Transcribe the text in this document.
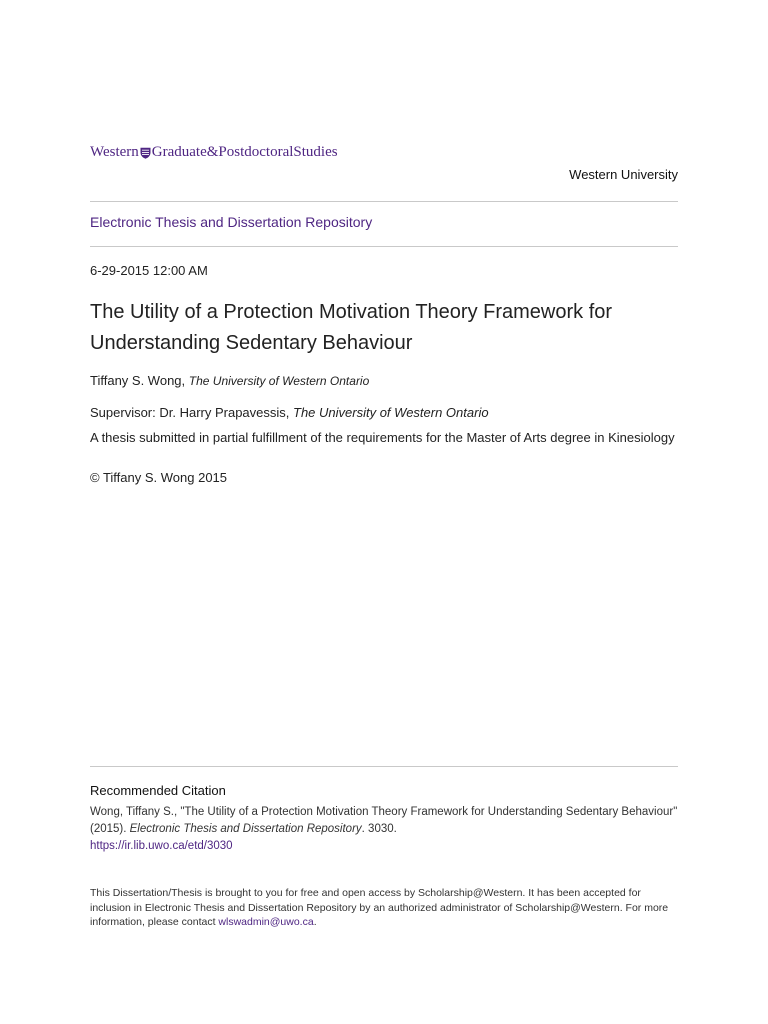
Western Graduate&PostdoctoralStudies
Western University
Electronic Thesis and Dissertation Repository
6-29-2015 12:00 AM
The Utility of a Protection Motivation Theory Framework for Understanding Sedentary Behaviour
Tiffany S. Wong, The University of Western Ontario
Supervisor: Dr. Harry Prapavessis, The University of Western Ontario

A thesis submitted in partial fulfillment of the requirements for the Master of Arts degree in Kinesiology

© Tiffany S. Wong 2015
Recommended Citation

Wong, Tiffany S., "The Utility of a Protection Motivation Theory Framework for Understanding Sedentary Behaviour" (2015). Electronic Thesis and Dissertation Repository. 3030.
https://ir.lib.uwo.ca/etd/3030

This Dissertation/Thesis is brought to you for free and open access by Scholarship@Western. It has been accepted for inclusion in Electronic Thesis and Dissertation Repository by an authorized administrator of Scholarship@Western. For more information, please contact wlswadmin@uwo.ca.
